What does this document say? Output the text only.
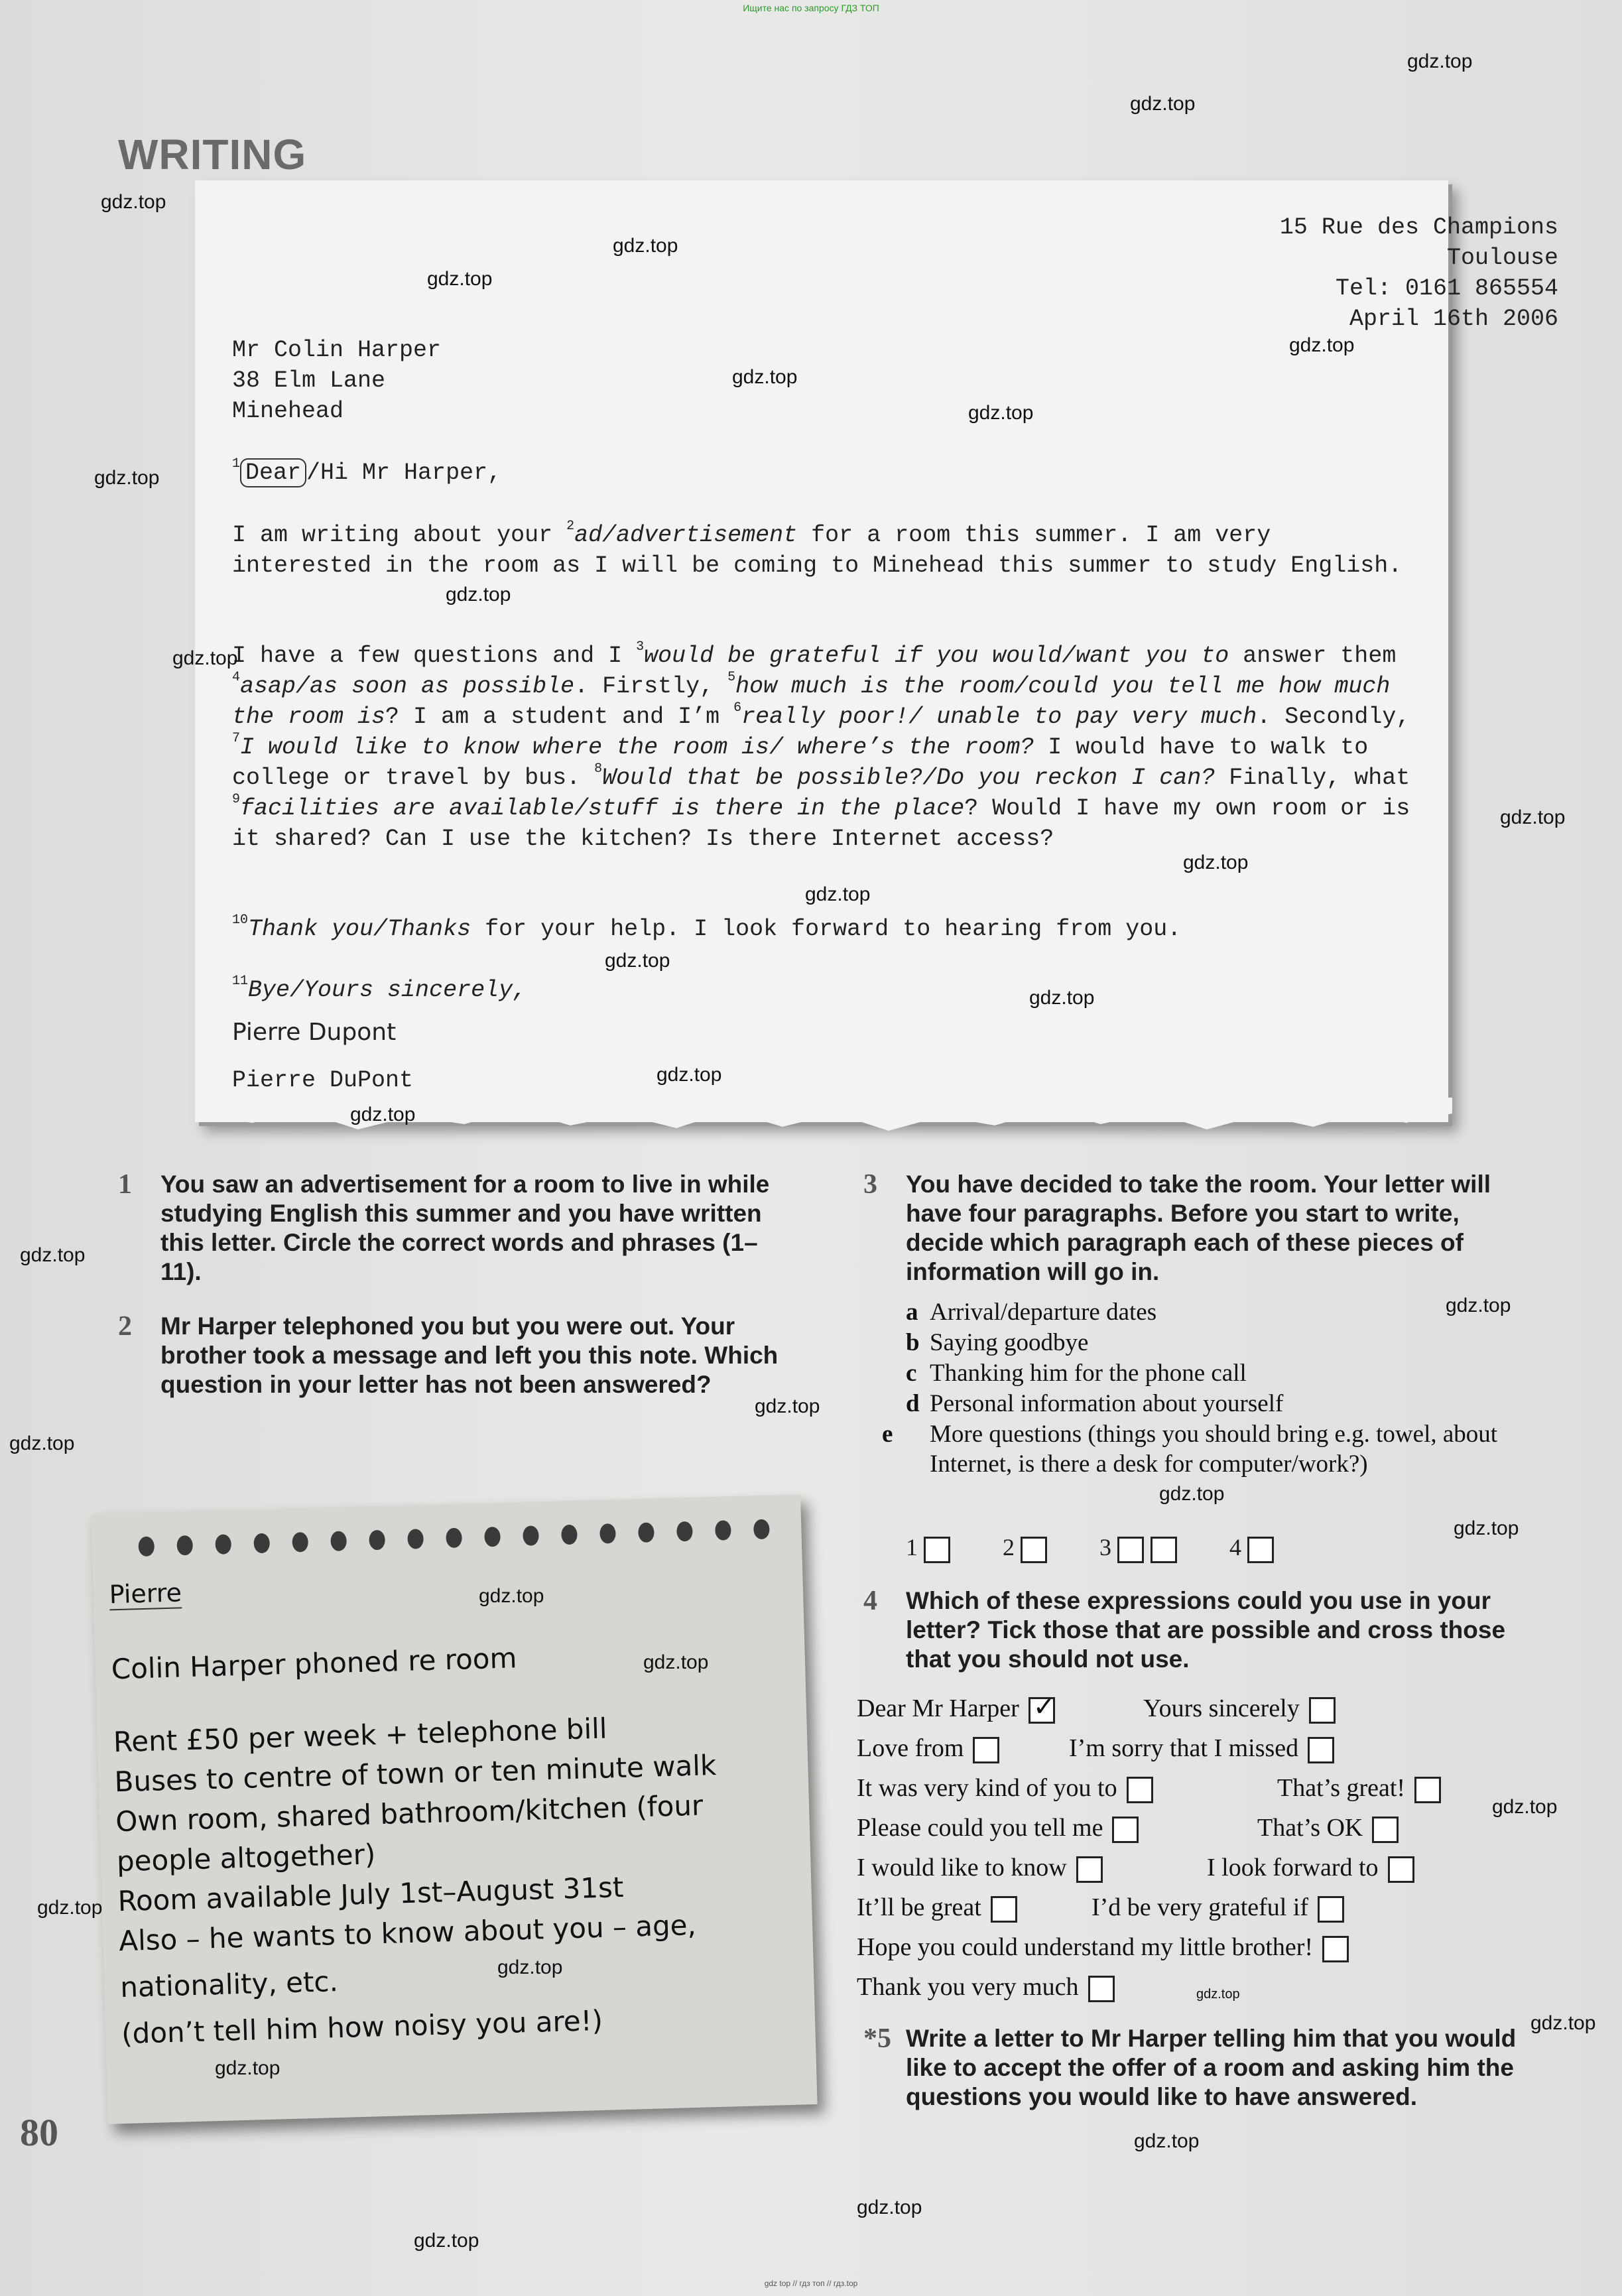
Ищите нас по запросу ГДЗ ТОП
WRITING
15 Rue des Champions
Toulouse
Tel: 0161 865554
April 16th 2006
Mr Colin Harper
38 Elm Lane
Minehead
$^1$ Dear /Hi Mr Harper,
I am writing about your $^2$ad/advertisement for a room this summer. I am very interested in the room as I will be coming to Minehead this summer to study English.
I have a few questions and I $^3$would be grateful if you would/want you to answer them $^4$asap/as soon as possible. Firstly, $^5$how much is the room/could you tell me how much the room is? I am a student and I’m $^6$really poor!/ unable to pay very much. Secondly, $^7$I would like to know where the room is/ where’s the room? I would have to walk to college or travel by bus. $^8$Would that be possible?/Do you reckon I can? Finally, what $^9$facilities are available/stuff is there in the place? Would I have my own room or is it shared? Can I use the kitchen? Is there Internet access?
$^{10}$Thank you/Thanks for your help. I look forward to hearing from you.
$^{11}$Bye/Yours sincerely,
Pierre Dupont
Pierre DuPont
1 You saw an advertisement for a room to live in while studying English this summer and you have written this letter. Circle the correct words and phrases (1–11).
2 Mr Harper telephoned you but you were out. Your brother took a message and left you this note. Which question in your letter has not been answered?
Pierre
Colin Harper phoned re room
Rent £50 per week + telephone bill
Buses to centre of town or ten minute walk
Own room, shared bathroom/kitchen (four
people altogether)
Room available July 1st–August 31st
Also – he wants to know about you – age,
nationality, etc.
(don’t tell him how noisy you are!)
80
3 You have decided to take the room. Your letter will have four paragraphs. Before you start to write, decide which paragraph each of these pieces of information will go in.
a Arrival/departure dates
b Saying goodbye
c Thanking him for the phone call
d Personal information about yourself
e More questions (things you should bring e.g. towel, about Internet, is there a desk for computer/work?)
1	2	3	4
4 Which of these expressions could you use in your letter? Tick those that are possible and cross those that you should not use.
Dear Mr Harper ✓	Yours sincerely
Love from	I’m sorry that I missed
It was very kind of you to	That’s great!
Please could you tell me	That’s OK
I would like to know	I look forward to
It’ll be great	I’d be very grateful if
Hope you could understand my little brother!
Thank you very much
*5 Write a letter to Mr Harper telling him that you would like to accept the offer of a room and asking him the questions you would like to have answered.
gdz.top
gdz.top
gdz.top
gdz.top
gdz.top
gdz.top
gdz.top
gdz.top
gdz.top
gdz.top
gdz.top
gdz.top
gdz.top
gdz.top
gdz.top
gdz.top
gdz.top
gdz.top
gdz.top
gdz.top
gdz.top
gdz.top
gdz.top
gdz.top
gdz.top
gdz.top
gdz.top
gdz.top
gdz.top
gdz.top
gdz.top
gdz.top
gdz.top
gdz.top
gdz.top
gdz top // гдз топ // гдз.top
